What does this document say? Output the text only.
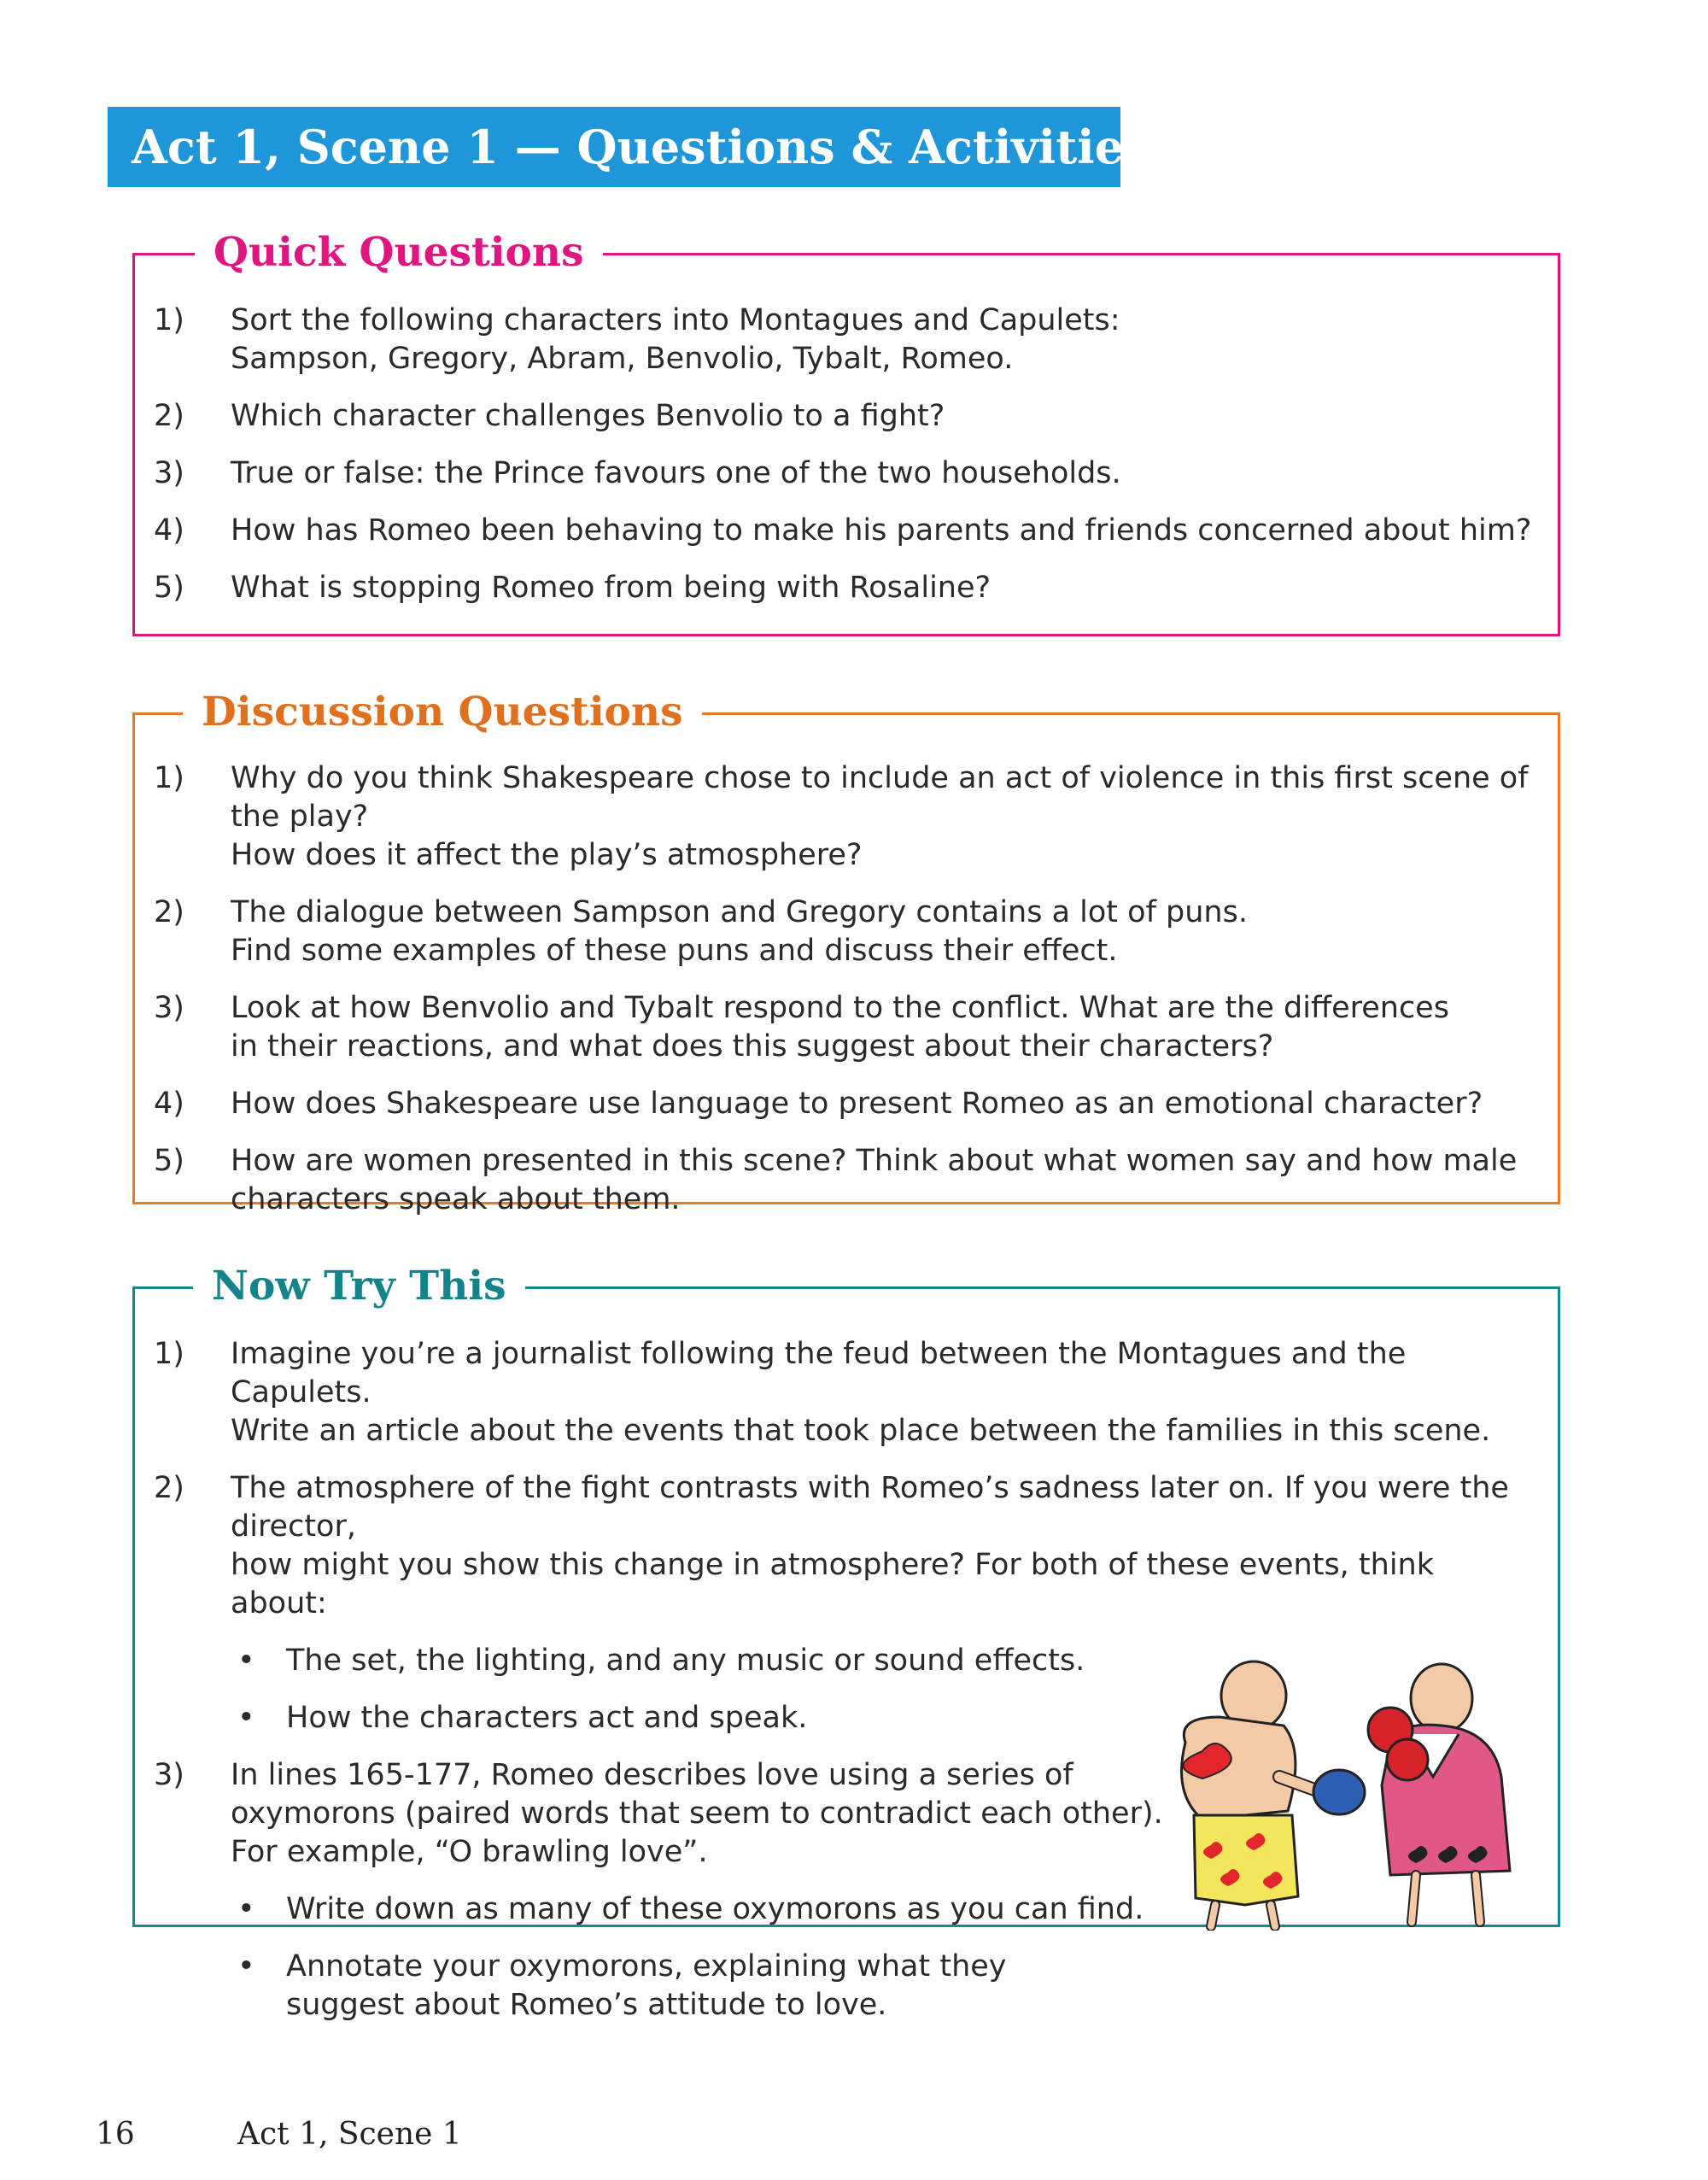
Act 1, Scene 1 — Questions & Activities
Quick Questions
1) Sort the following characters into Montagues and Capulets:
Sampson, Gregory, Abram, Benvolio, Tybalt, Romeo.
2) Which character challenges Benvolio to a fight?
3) True or false: the Prince favours one of the two households.
4) How has Romeo been behaving to make his parents and friends concerned about him?
5) What is stopping Romeo from being with Rosaline?
Discussion Questions
1) Why do you think Shakespeare chose to include an act of violence in this first scene of the play?
How does it affect the play’s atmosphere?
2) The dialogue between Sampson and Gregory contains a lot of puns.
Find some examples of these puns and discuss their effect.
3) Look at how Benvolio and Tybalt respond to the conflict. What are the differences
in their reactions, and what does this suggest about their characters?
4) How does Shakespeare use language to present Romeo as an emotional character?
5) How are women presented in this scene? Think about what women say and how male
characters speak about them.
Now Try This
1) Imagine you’re a journalist following the feud between the Montagues and the Capulets.
Write an article about the events that took place between the families in this scene.
2) The atmosphere of the fight contrasts with Romeo’s sadness later on. If you were the director,
how might you show this change in atmosphere? For both of these events, think about:
• The set, the lighting, and any music or sound effects.
• How the characters act and speak.
3) In lines 165-177, Romeo describes love using a series of
oxymorons (paired words that seem to contradict each other).
For example, “O brawling love”.
• Write down as many of these oxymorons as you can find.
• Annotate your oxymorons, explaining what they
suggest about Romeo’s attitude to love.
16	Act 1, Scene 1
